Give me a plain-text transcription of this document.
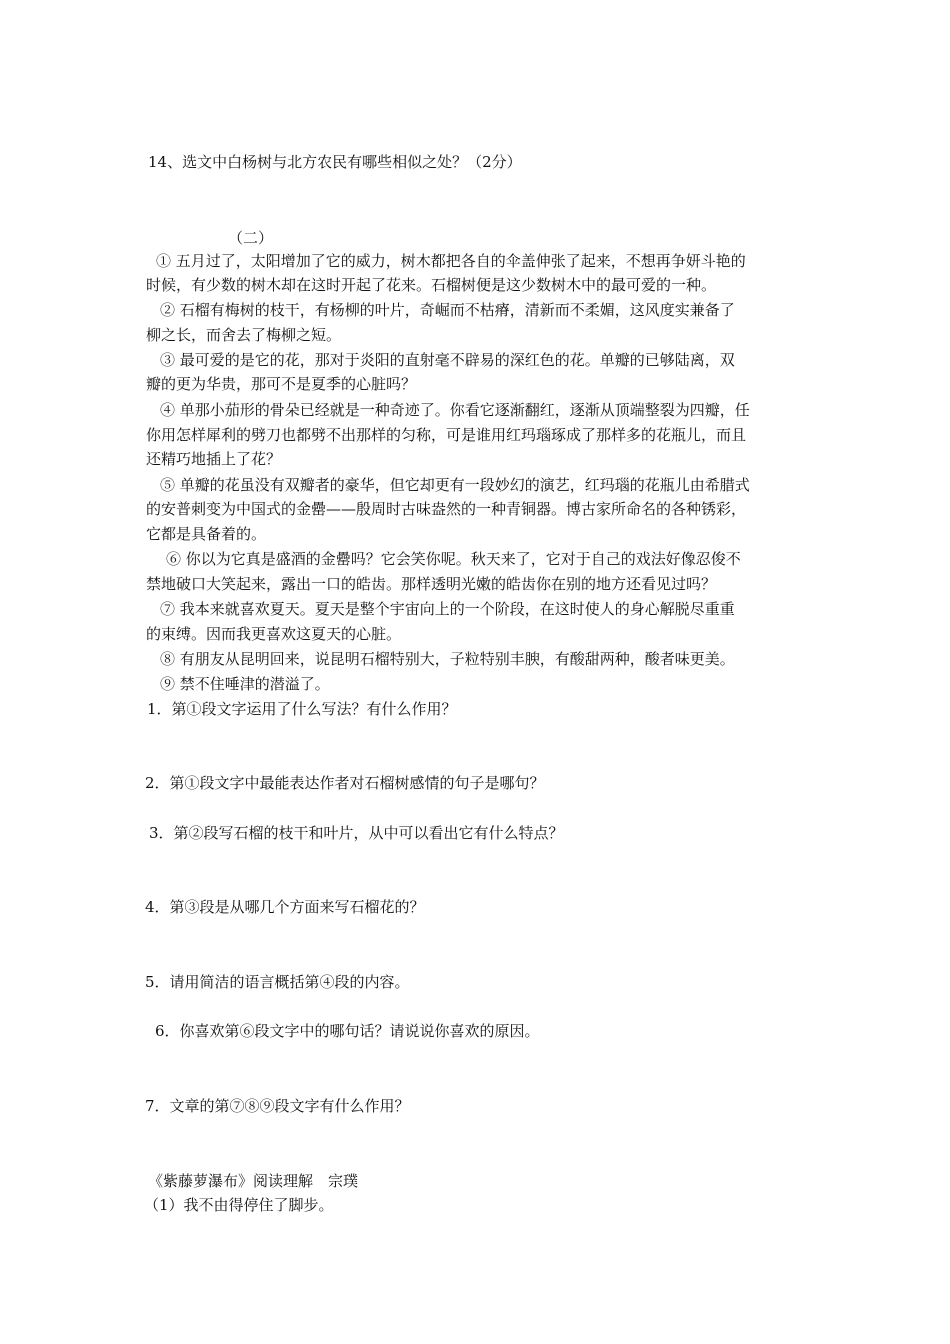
14、选文中白杨树与北方农民有哪些相似之处？（2分）
（二）
① 五月过了，太阳增加了它的威力，树木都把各自的伞盖伸张了起来，不想再争妍斗艳的
时候，有少数的树木却在这时开起了花来。石榴树便是这少数树木中的最可爱的一种。
② 石榴有梅树的枝干，有杨柳的叶片，奇崛而不枯瘠，清新而不柔媚，这风度实兼备了
柳之长，而舍去了梅柳之短。
③ 最可爱的是它的花，那对于炎阳的直射毫不辟易的深红色的花。单瓣的已够陆离，双
瓣的更为华贵，那可不是夏季的心脏吗？
④ 单那小茄形的骨朵已经就是一种奇迹了。你看它逐渐翻红，逐渐从顶端整裂为四瓣，任
你用怎样犀利的劈刀也都劈不出那样的匀称，可是谁用红玛瑙琢成了那样多的花瓶儿，而且
还精巧地插上了花？
⑤ 单瓣的花虽没有双瓣者的豪华，但它却更有一段妙幻的演艺，红玛瑙的花瓶儿由希腊式
的安普刺变为中国式的金罍——殷周时古味盎然的一种青铜器。博古家所命名的各种锈彩，
它都是具备着的。
⑥ 你以为它真是盛酒的金罍吗？它会笑你呢。秋天来了，它对于自己的戏法好像忍俊不
禁地破口大笑起来，露出一口的皓齿。那样透明光嫩的皓齿你在别的地方还看见过吗？
⑦ 我本来就喜欢夏天。夏天是整个宇宙向上的一个阶段，在这时使人的身心解脱尽重重
的束缚。因而我更喜欢这夏天的心脏。
⑧ 有朋友从昆明回来，说昆明石榴特别大，子粒特别丰腴，有酸甜两种，酸者味更美。
⑨ 禁不住唾津的潜溢了。
1．第①段文字运用了什么写法？有什么作用？
2．第①段文字中最能表达作者对石榴树感情的句子是哪句？
3．第②段写石榴的枝干和叶片，从中可以看出它有什么特点？
4．第③段是从哪几个方面来写石榴花的？
5．请用简洁的语言概括第④段的内容。
6．你喜欢第⑥段文字中的哪句话？请说说你喜欢的原因。
7．文章的第⑦⑧⑨段文字有什么作用？
《紫藤萝瀑布》阅读理解　宗璞
（1）我不由得停住了脚步。
